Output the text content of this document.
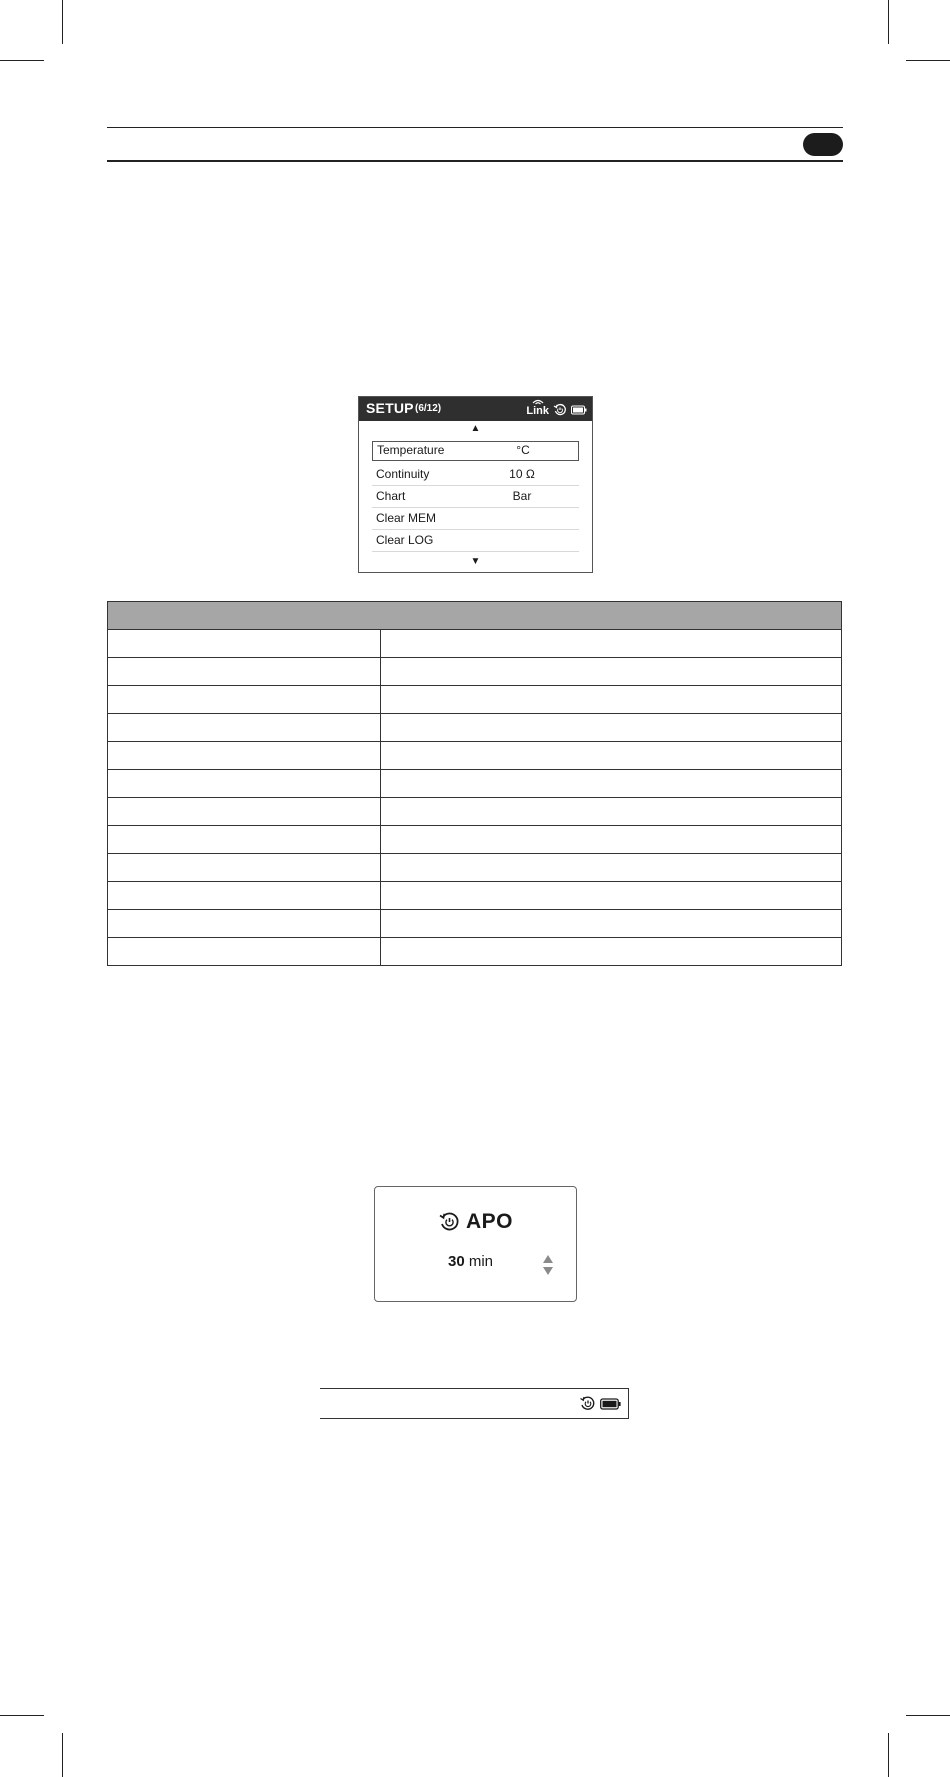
SETUP (6/12)	Link
▲
Temperature	°C
Continuity	10 Ω
Chart	Bar
Clear MEM
Clear LOG
▼

APO
30 min
